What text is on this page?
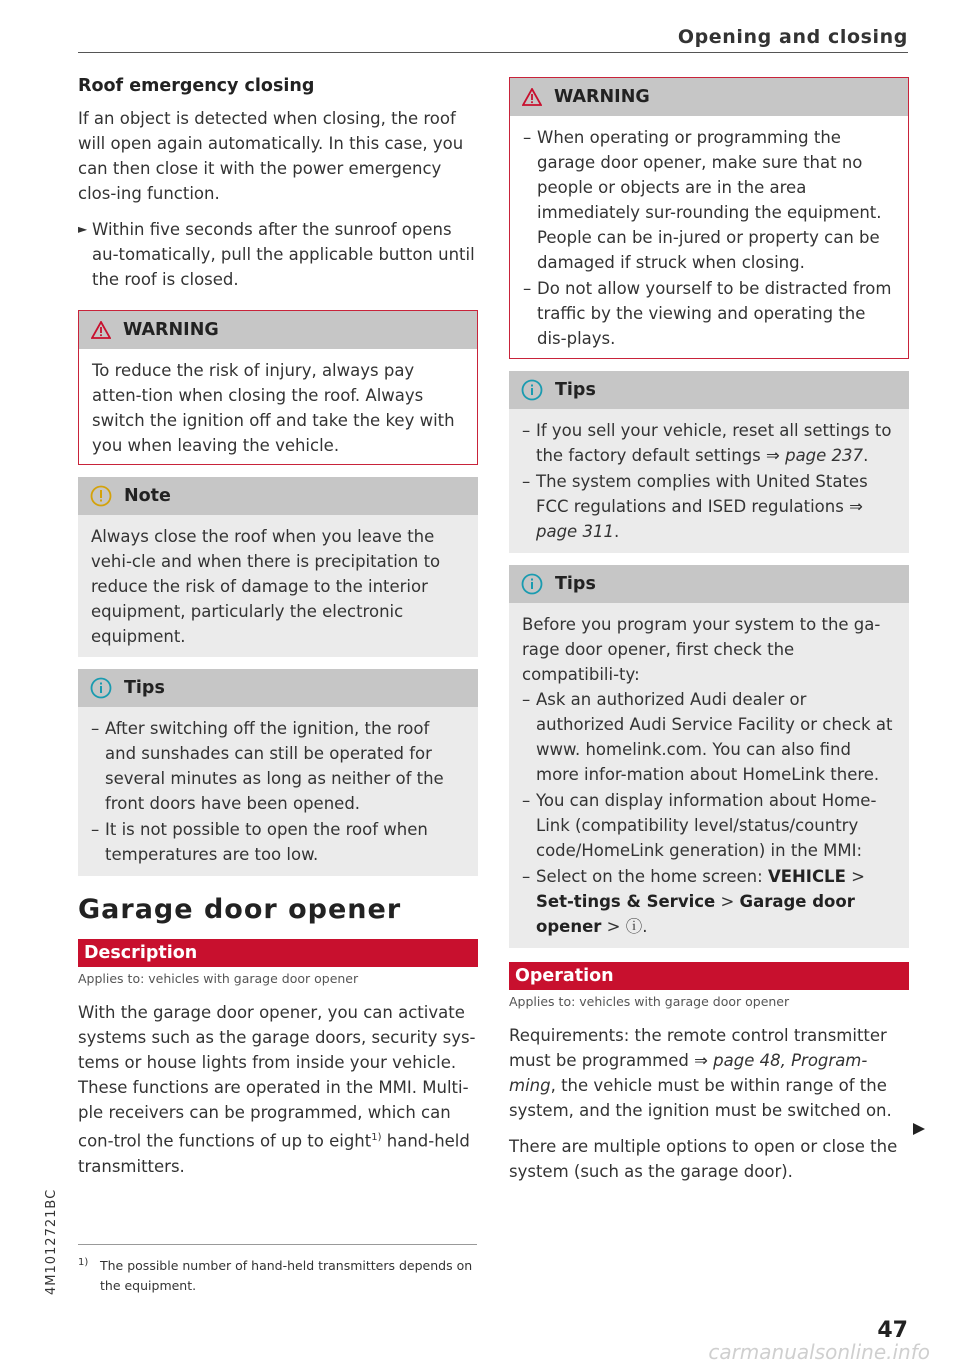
Opening and closing
Roof emergency closing

If an object is detected when closing, the roof will open again automatically. In this case, you can then close it with the power emergency clos-ing function.

► Within five seconds after the sunroof opens au-tomatically, pull the applicable button until the roof is closed.
WARNING
To reduce the risk of injury, always pay atten-tion when closing the roof. Always switch the ignition off and take the key with you when leaving the vehicle.
Note
Always close the roof when you leave the vehi-cle and when there is precipitation to reduce the risk of damage to the interior equipment, particularly the electronic equipment.
Tips
– After switching off the ignition, the roof and sunshades can still be operated for several minutes as long as neither of the front doors have been opened.
– It is not possible to open the roof when temperatures are too low.
Garage door opener
Description
Applies to: vehicles with garage door opener

With the garage door opener, you can activate systems such as the garage doors, security sys-tems or house lights from inside your vehicle. These functions are operated in the MMI. Multi-ple receivers can be programmed, which can con-trol the functions of up to eight$^{1)}$ hand-held transmitters.

1) The possible number of hand-held transmitters depends on the equipment.
WARNING
– When operating or programming the garage door opener, make sure that no people or objects are in the area immediately sur-rounding the equipment. People can be in-jured or property can be damaged if struck when closing.
– Do not allow yourself to be distracted from traffic by the viewing and operating the dis-plays.
Tips
– If you sell your vehicle, reset all settings to the factory default settings ⇒ page 237.
– The system complies with United States FCC regulations and ISED regulations ⇒ page 311.
Tips
Before you program your system to the ga-rage door opener, first check the compatibili-ty:
– Ask an authorized Audi dealer or authorized Audi Service Facility or check at www. homelink.com. You can also find more infor-mation about HomeLink there.
– You can display information about Home-Link (compatibility level/status/country code/HomeLink generation) in the MMI:
– Select on the home screen: VEHICLE > Set-tings & Service > Garage door opener > ⓘ.
Operation
Applies to: vehicles with garage door opener

Requirements: the remote control transmitter must be programmed ⇒ page 48, Program-ming, the vehicle must be within range of the system, and the ignition must be switched on.

There are multiple options to open or close the system (such as the garage door).

4M1012721BC
47
carmanualsonline.info
